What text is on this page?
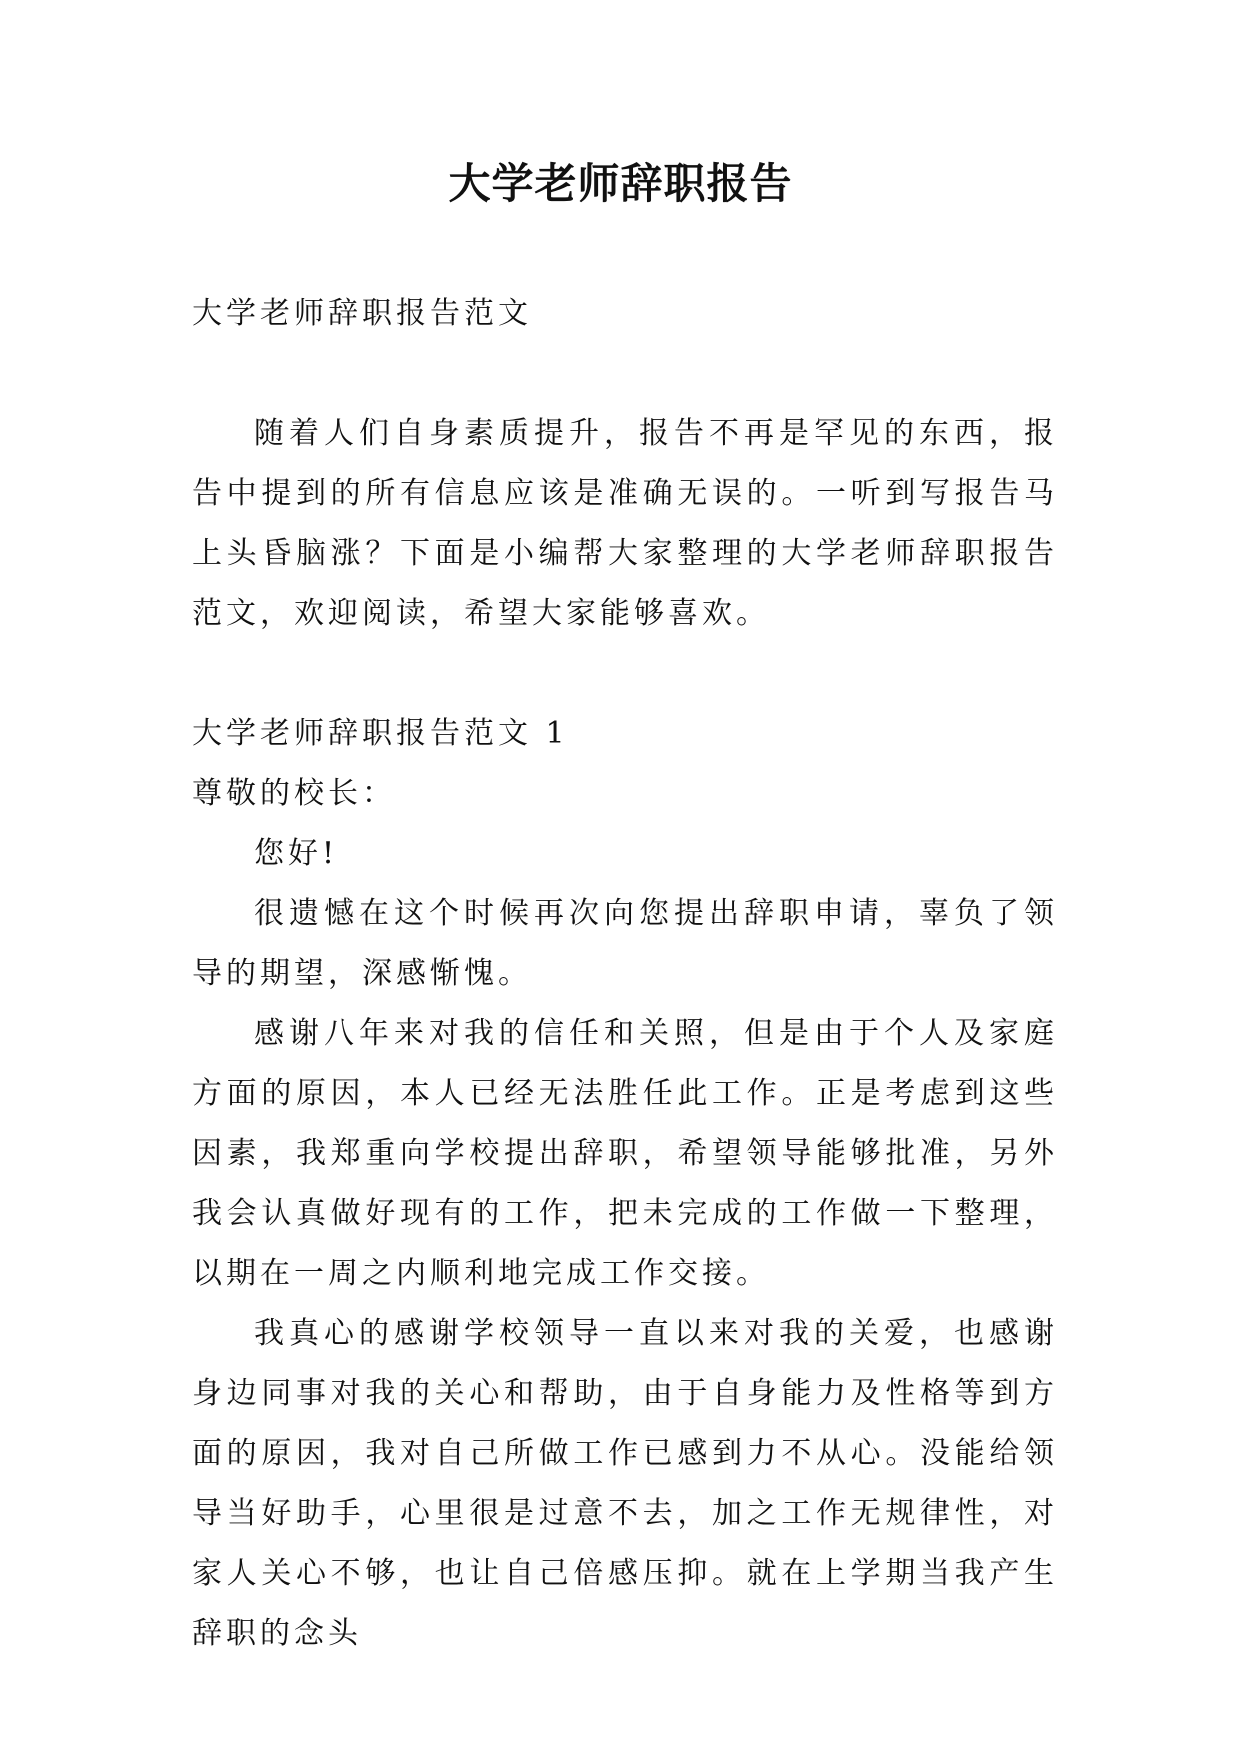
大学老师辞职报告

大学老师辞职报告范文

随着人们自身素质提升，报告不再是罕见的东西，报告中提到的所有信息应该是准确无误的。一听到写报告马上头昏脑涨？下面是小编帮大家整理的大学老师辞职报告范文，欢迎阅读，希望大家能够喜欢。

大学老师辞职报告范文 1

尊敬的校长：

您好!

很遗憾在这个时候再次向您提出辞职申请，辜负了领导的期望，深感惭愧。

感谢八年来对我的信任和关照，但是由于个人及家庭方面的原因，本人已经无法胜任此工作。正是考虑到这些因素，我郑重向学校提出辞职，希望领导能够批准，另外我会认真做好现有的工作，把未完成的工作做一下整理，以期在一周之内顺利地完成工作交接。

我真心的感谢学校领导一直以来对我的关爱，也感谢身边同事对我的关心和帮助，由于自身能力及性格等到方面的原因，我对自己所做工作已感到力不从心。没能给领导当好助手，心里很是过意不去，加之工作无规律性，对家人关心不够，也让自己倍感压抑。就在上学期当我产生辞职的念头
